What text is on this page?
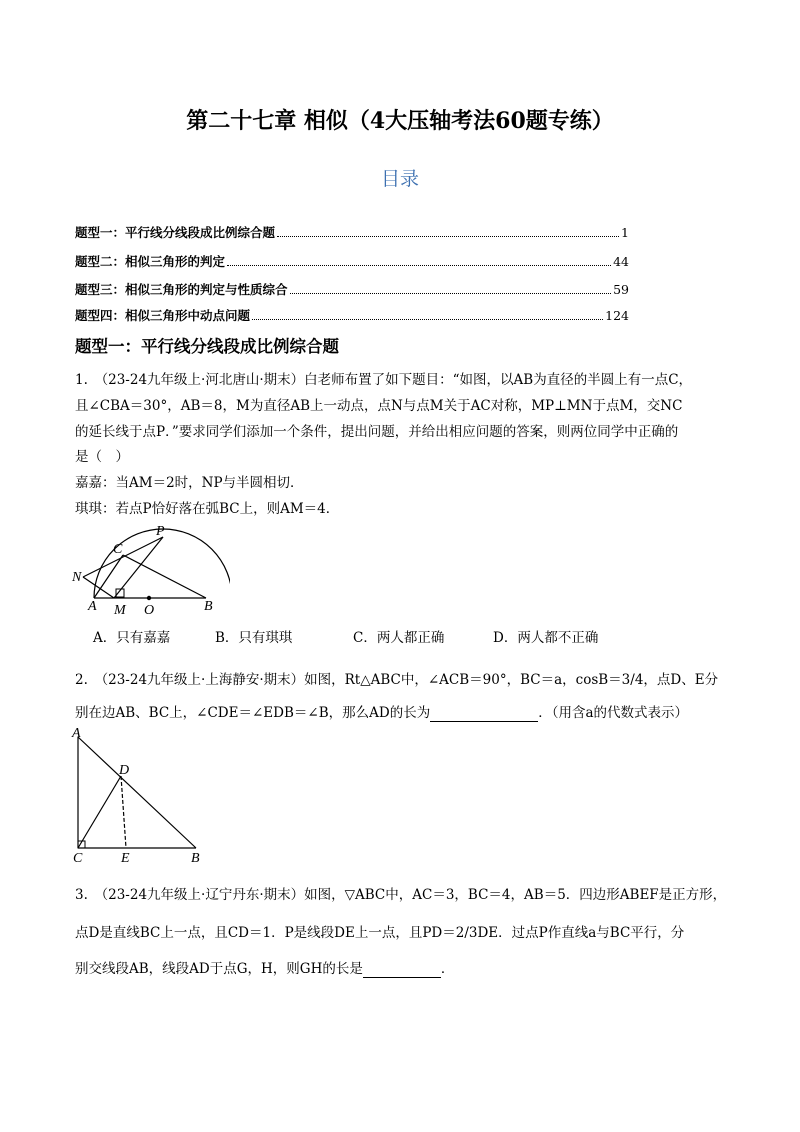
第二十七章 相似（4大压轴考法60题专练）
目录
题型一：平行线分线段成比例综合题	1
题型二：相似三角形的判定	44
题型三：相似三角形的判定与性质综合	59
题型四：相似三角形中动点问题	124
题型一：平行线分线段成比例综合题
1.　（23-24九年级上·河北唐山·期末）白老师布置了如下题目：“如图，以AB为直径的半圆上有一点C，
且∠CBA＝30°，AB＝8，M为直径AB上一动点，点N与点M关于AC对称，MP⊥MN于点M，交NC
的延长线于点P．”要求同学们添加一个条件，提出问题，并给出相应问题的答案，则两位同学中正确的
是（　）
嘉嘉：当AM＝2时，NP与半圆相切．
琪琪：若点P恰好落在弧BC上，则AM＝4．
P
C
N
A M O	B
A．只有嘉嘉	B．只有琪琪	C．两人都正确	D．两人都不正确
2.　（23-24九年级上·上海静安·期末）如图，Rt△ABC中，∠ACB＝90°，BC＝a，cosB＝3/4，点D、E分
别在边AB、BC上，∠CDE＝∠EDB＝∠B，那么AD的长为	．（用含a的代数式表示）
A
D
C	E	B
3.　（23-24九年级上·辽宁丹东·期末）如图，▽ABC中，AC＝3，BC＝4，AB＝5．四边形ABEF是正方形，
点D是直线BC上一点，且CD＝1．P是线段DE上一点，且PD＝2/3DE．过点P作直线a与BC平行，分
别交线段AB，线段AD于点G，H，则GH的长是	．
